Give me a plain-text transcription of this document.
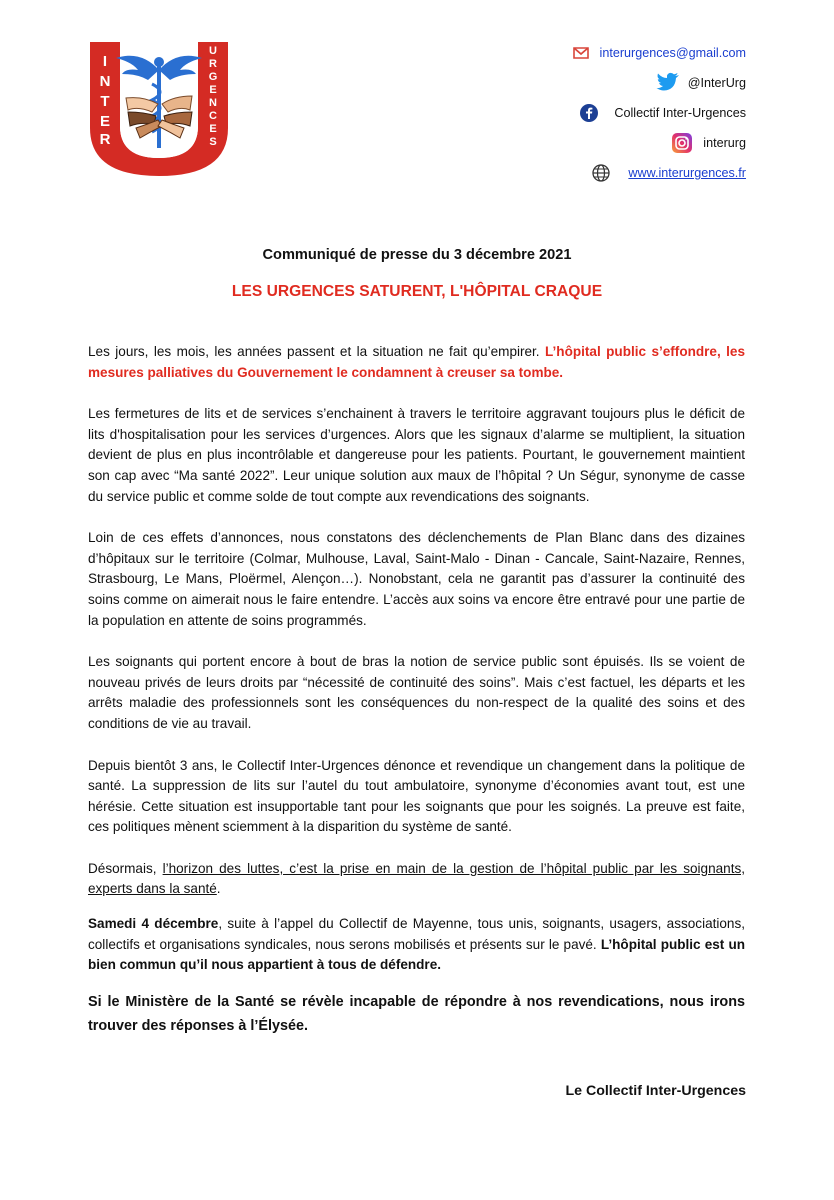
I
N
T
E
R
U
R
G
E
N
C
E
S
interurgences@gmail.com
@InterUrg
Collectif Inter-Urgences
interurg
www.interurgences.fr
Communiqué de presse du 3 décembre 2021
LES URGENCES SATURENT, L'HÔPITAL CRAQUE

Les jours, les mois, les années passent et la situation ne fait qu’empirer. L’hôpital public s’effondre, les mesures palliatives du Gouvernement le condamnent à creuser sa tombe.

Les fermetures de lits et de services s’enchainent à travers le territoire aggravant toujours plus le déficit de lits d'hospitalisation pour les services d’urgences. Alors que les signaux d’alarme se multiplient, la situation devient de plus en plus incontrôlable et dangereuse pour les patients. Pourtant, le gouvernement maintient son cap avec “Ma santé 2022”. Leur unique solution aux maux de l’hôpital ? Un Ségur, synonyme de casse du service public et comme solde de tout compte aux revendications des soignants.

Loin de ces effets d’annonces, nous constatons des déclenchements de Plan Blanc dans des dizaines d’hôpitaux sur le territoire (Colmar, Mulhouse, Laval, Saint-Malo - Dinan - Cancale, Saint-Nazaire, Rennes, Strasbourg, Le Mans, Ploërmel, Alençon…). Nonobstant, cela ne garantit pas d’assurer la continuité des soins comme on aimerait nous le faire entendre. L’accès aux soins va encore être entravé pour une partie de la population en attente de soins programmés.

Les soignants qui portent encore à bout de bras la notion de service public sont épuisés. Ils se voient de nouveau privés de leurs droits par “nécessité de continuité des soins”. Mais c’est factuel, les départs et les arrêts maladie des professionnels sont les conséquences du non-respect de la qualité des soins et des conditions de vie au travail.

Depuis bientôt 3 ans, le Collectif Inter-Urgences dénonce et revendique un changement dans la politique de santé. La suppression de lits sur l’autel du tout ambulatoire, synonyme d’économies avant tout, est une hérésie. Cette situation est insupportable tant pour les soignants que pour les soignés. La preuve est faite, ces politiques mènent sciemment à la disparition du système de santé.

Désormais, l’horizon des luttes, c’est la prise en main de la gestion de l’hôpital public par les soignants, experts dans la santé.

Samedi 4 décembre, suite à l’appel du Collectif de Mayenne, tous unis, soignants, usagers, associations, collectifs et organisations syndicales, nous serons mobilisés et présents sur le pavé. L’hôpital public est un bien commun qu’il nous appartient à tous de défendre.

Si le Ministère de la Santé se révèle incapable de répondre à nos revendications, nous irons trouver des réponses à l’Élysée.

Le Collectif Inter-Urgences
